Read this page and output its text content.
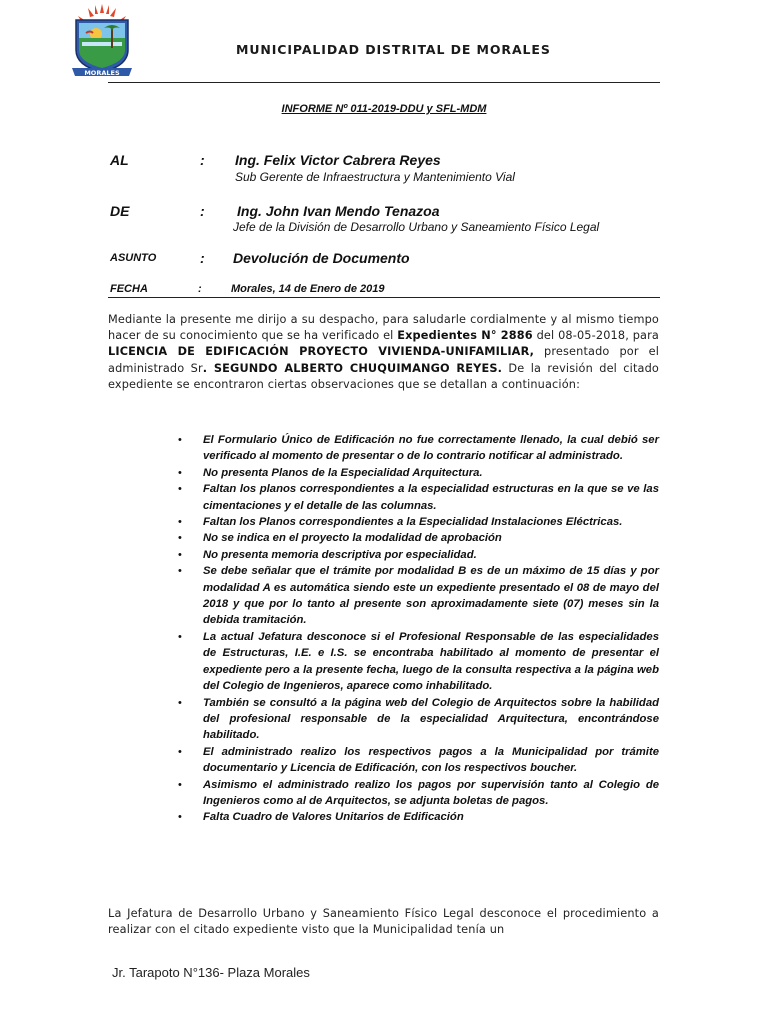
MORALES
MUNICIPALIDAD DISTRITAL DE MORALES
INFORME Nº 011-2019-DDU y SFL-MDM
AL	: Ing. Felix Victor Cabrera Reyes
Sub Gerente de Infraestructura y Mantenimiento Vial
DE	: Ing. John Ivan Mendo Tenazoa
Jefe de la División de Desarrollo Urbano y Saneamiento Físico Legal
ASUNTO	: Devolución de Documento
FECHA	:	Morales, 14 de Enero de 2019
Mediante la presente me dirijo a su despacho, para saludarle cordialmente y al mismo tiempo hacer de su conocimiento que se ha verificado el Expedientes N° 2886 del 08-05-2018, para LICENCIA DE EDIFICACIÓN PROYECTO VIVIENDA-UNIFAMILIAR, presentado por el administrado Sr. SEGUNDO ALBERTO CHUQUIMANGO REYES. De la revisión del citado expediente se encontraron ciertas observaciones que se detallan a continuación:
• El Formulario Único de Edificación no fue correctamente llenado, la cual debió ser verificado al momento de presentar o de lo contrario notificar al administrado.
• No presenta Planos de la Especialidad Arquitectura.
• Faltan los planos correspondientes a la especialidad estructuras en la que se ve las cimentaciones y el detalle de las columnas.
• Faltan los Planos correspondientes a la Especialidad Instalaciones Eléctricas.
• No se indica en el proyecto la modalidad de aprobación
• No presenta memoria descriptiva por especialidad.
• Se debe señalar que el trámite por modalidad B es de un máximo de 15 días y por modalidad A es automática siendo este un expediente presentado el 08 de mayo del 2018 y que por lo tanto al presente son aproximadamente siete (07) meses sin la debida tramitación.
• La actual Jefatura desconoce si el Profesional Responsable de las especialidades de Estructuras, I.E. e I.S. se encontraba habilitado al momento de presentar el expediente pero a la presente fecha, luego de la consulta respectiva a la página web del Colegio de Ingenieros, aparece como inhabilitado.
• También se consultó a la página web del Colegio de Arquitectos sobre la habilidad del profesional responsable de la especialidad Arquitectura, encontrándose habilitado.
• El administrado realizo los respectivos pagos a la Municipalidad por trámite documentario y Licencia de Edificación, con los respectivos boucher.
• Asimismo el administrado realizo los pagos por supervisión tanto al Colegio de Ingenieros como al de Arquitectos, se adjunta boletas de pagos.
• Falta Cuadro de Valores Unitarios de Edificación
La Jefatura de Desarrollo Urbano y Saneamiento Físico Legal desconoce el procedimiento a realizar con el citado expediente visto que la Municipalidad tenía un
Jr. Tarapoto N°136- Plaza Morales
